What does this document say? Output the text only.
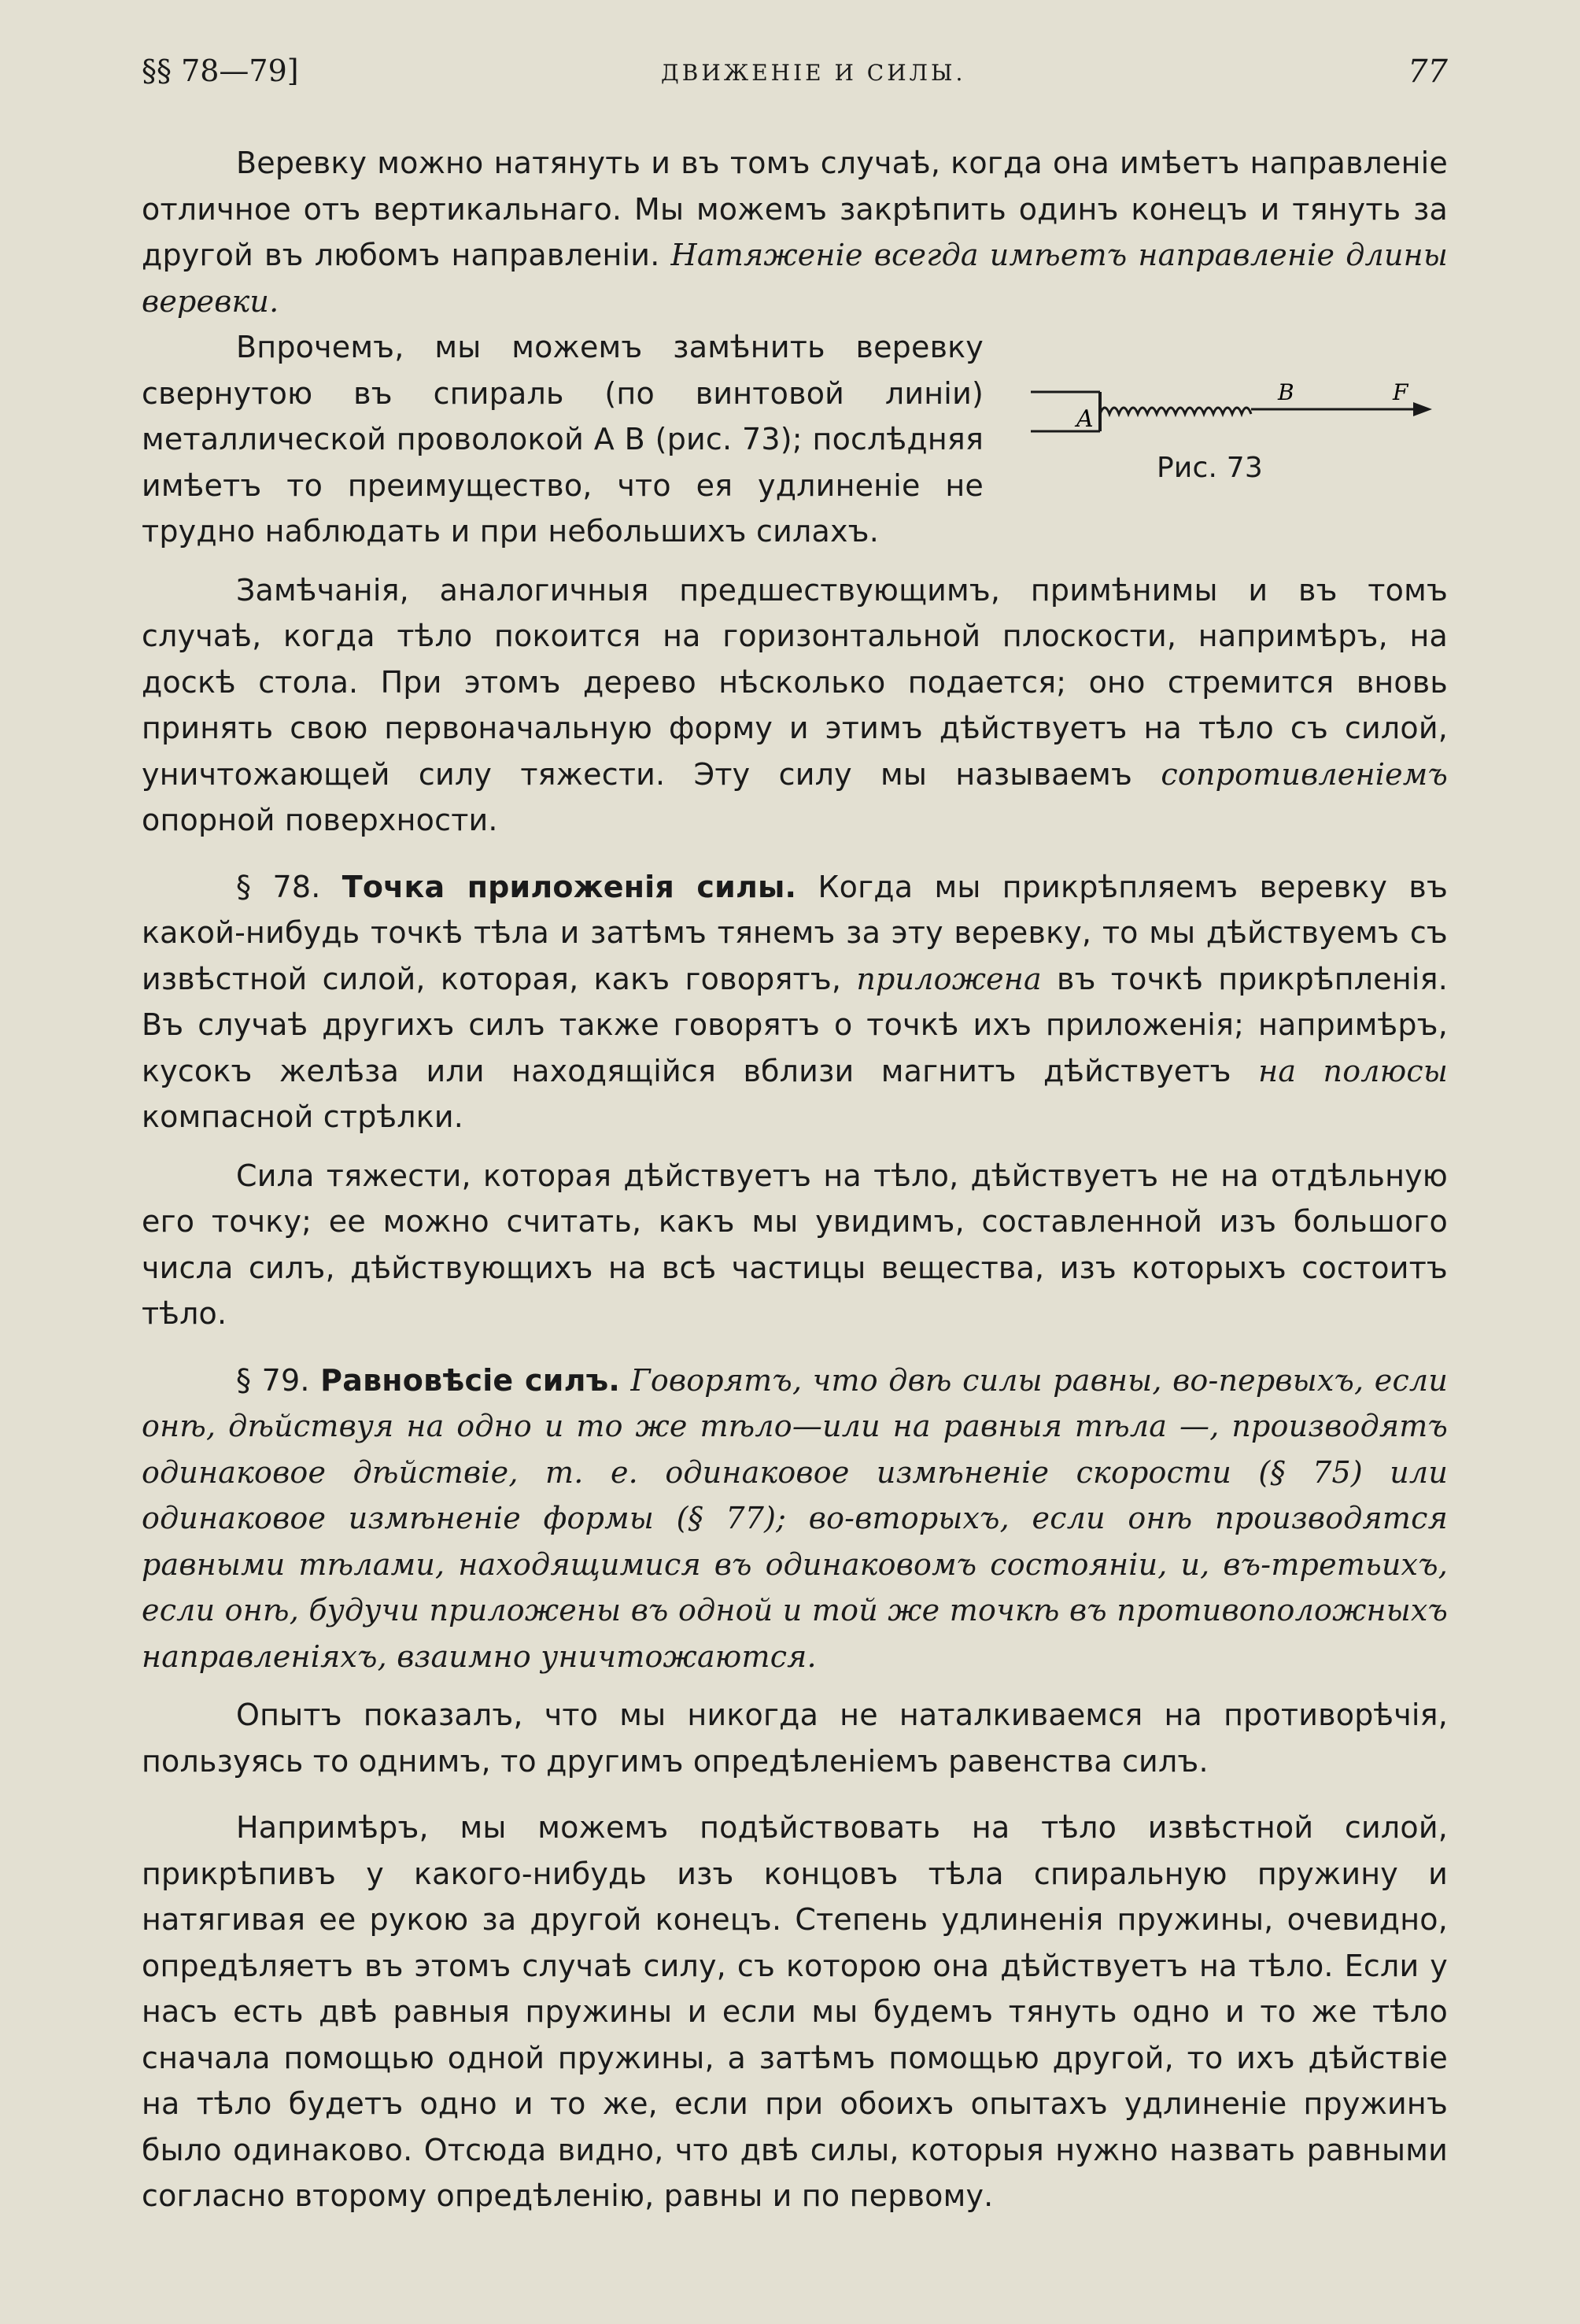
§§ 78—79]	ДВИЖЕНІЕ И СИЛЫ.	77

Веревку можно натянуть и въ томъ случаѣ, когда она имѣетъ направленіе отличное отъ вертикальнаго. Мы можемъ закрѣпить одинъ конецъ и тянуть за другой въ любомъ направленіи. Натяженіе всегда имѣетъ направленіе длины веревки.

A
B	F
Рис. 73

Впрочемъ, мы можемъ замѣнить веревку свернутою въ спираль (по винтовой линіи) металлической проволокой A B (рис. 73); послѣдняя имѣетъ то преимущество, что ея удлиненіе не трудно наблюдать и при небольшихъ силахъ.

Замѣчанія, аналогичныя предшествующимъ, примѣнимы и въ томъ случаѣ, когда тѣло покоится на горизонтальной плоскости, напримѣръ, на доскѣ стола. При этомъ дерево нѣсколько подается; оно стремится вновь принять свою первоначальную форму и этимъ дѣйствуетъ на тѣло съ силой, уничтожающей силу тяжести. Эту силу мы называемъ сопротивленіемъ опорной поверхности.

§ 78. Точка приложенія силы. Когда мы прикрѣпляемъ веревку въ какой-нибудь точкѣ тѣла и затѣмъ тянемъ за эту веревку, то мы дѣйствуемъ съ извѣстной силой, которая, какъ говорятъ, приложена въ точкѣ прикрѣпленія. Въ случаѣ другихъ силъ также говорятъ о точкѣ ихъ приложенія; напримѣръ, кусокъ желѣза или находящійся вблизи магнитъ дѣйствуетъ на полюсы компасной стрѣлки.

Сила тяжести, которая дѣйствуетъ на тѣло, дѣйствуетъ не на отдѣльную его точку; ее можно считать, какъ мы увидимъ, составленной изъ большого числа силъ, дѣйствующихъ на всѣ частицы вещества, изъ которыхъ состоитъ тѣло.

§ 79. Равновѣсіе силъ. Говорятъ, что двѣ силы равны, во-первыхъ, если онѣ, дѣйствуя на одно и то же тѣло—или на равныя тѣла —, производятъ одинаковое дѣйствіе, т. е. одинаковое измѣненіе скорости (§ 75) или одинаковое измѣненіе формы (§ 77); во-вторыхъ, если онѣ производятся равными тѣлами, находящимися въ одинаковомъ состояніи, и, въ-третьихъ, если онѣ, будучи приложены въ одной и той же точкѣ въ противоположныхъ направленіяхъ, взаимно уничтожаются.

Опытъ показалъ, что мы никогда не наталкиваемся на противорѣчія, пользуясь то однимъ, то другимъ опредѣленіемъ равенства силъ.

Напримѣръ, мы можемъ подѣйствовать на тѣло извѣстной силой, прикрѣпивъ у какого-нибудь изъ концовъ тѣла спиральную пружину и натягивая ее рукою за другой конецъ. Степень удлиненія пружины, очевидно, опредѣляетъ въ этомъ случаѣ силу, съ которою она дѣйствуетъ на тѣло. Если у насъ есть двѣ равныя пружины и если мы будемъ тянуть одно и то же тѣло сначала помощью одной пружины, а затѣмъ помощью другой, то ихъ дѣйствіе на тѣло будетъ одно и то же, если при обоихъ опытахъ удлиненіе пружинъ было одинаково. Отсюда видно, что двѣ силы, которыя нужно назвать равными согласно второму опредѣленію, равны и по первому.
